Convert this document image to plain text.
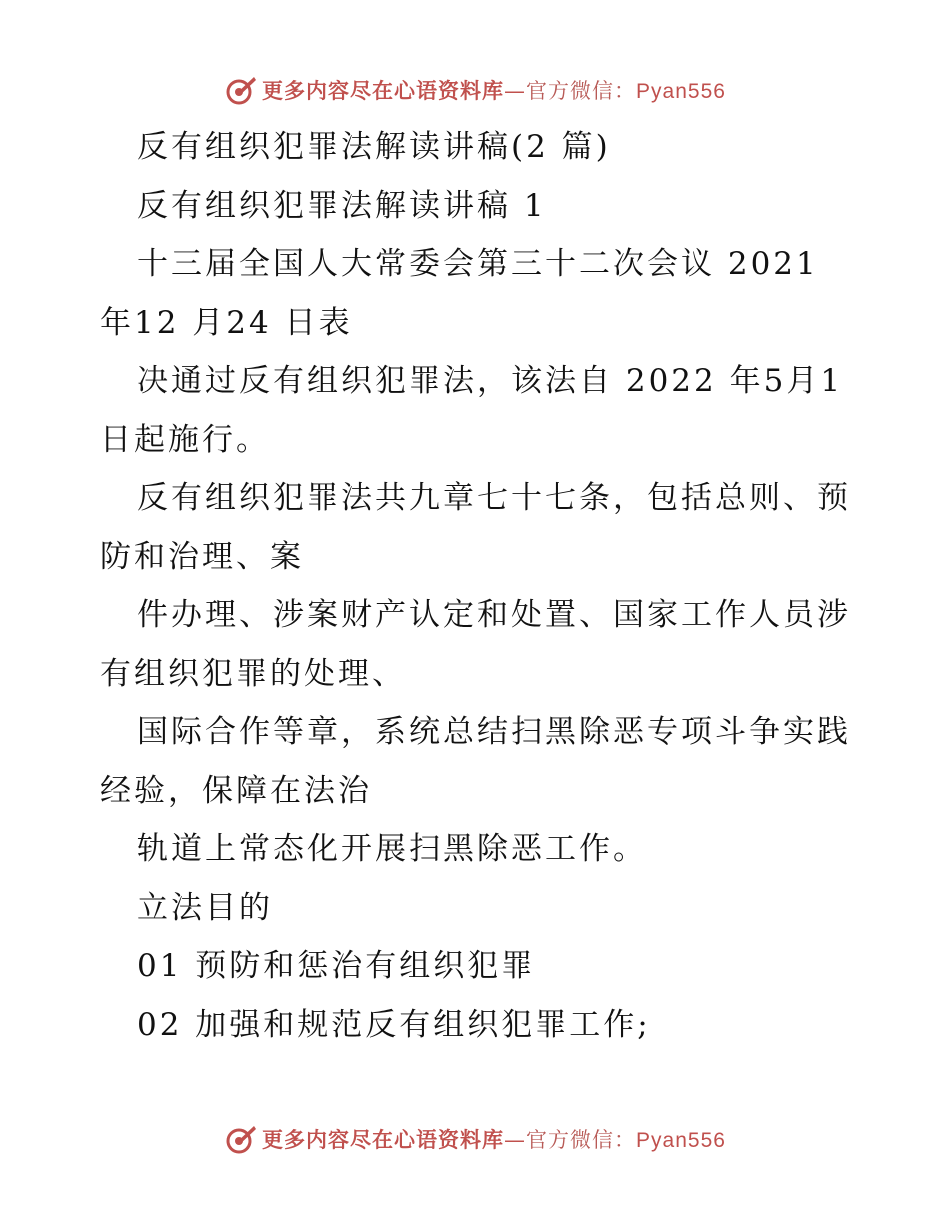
更多内容尽在心语资料库—官方微信：Pyan556

反有组织犯罪法解读讲稿(2 篇)

反有组织犯罪法解读讲稿 1

十三届全国人大常委会第三十二次会议 2021 年12 月24 日表

决通过反有组织犯罪法，该法自 2022 年5月1日起施行。

反有组织犯罪法共九章七十七条，包括总则、预防和治理、案

件办理、涉案财产认定和处置、国家工作人员涉有组织犯罪的处理、

国际合作等章，系统总结扫黑除恶专项斗争实践经验，保障在法治

轨道上常态化开展扫黑除恶工作。

立法目的

01 预防和惩治有组织犯罪

02 加强和规范反有组织犯罪工作;

更多内容尽在心语资料库—官方微信：Pyan556
